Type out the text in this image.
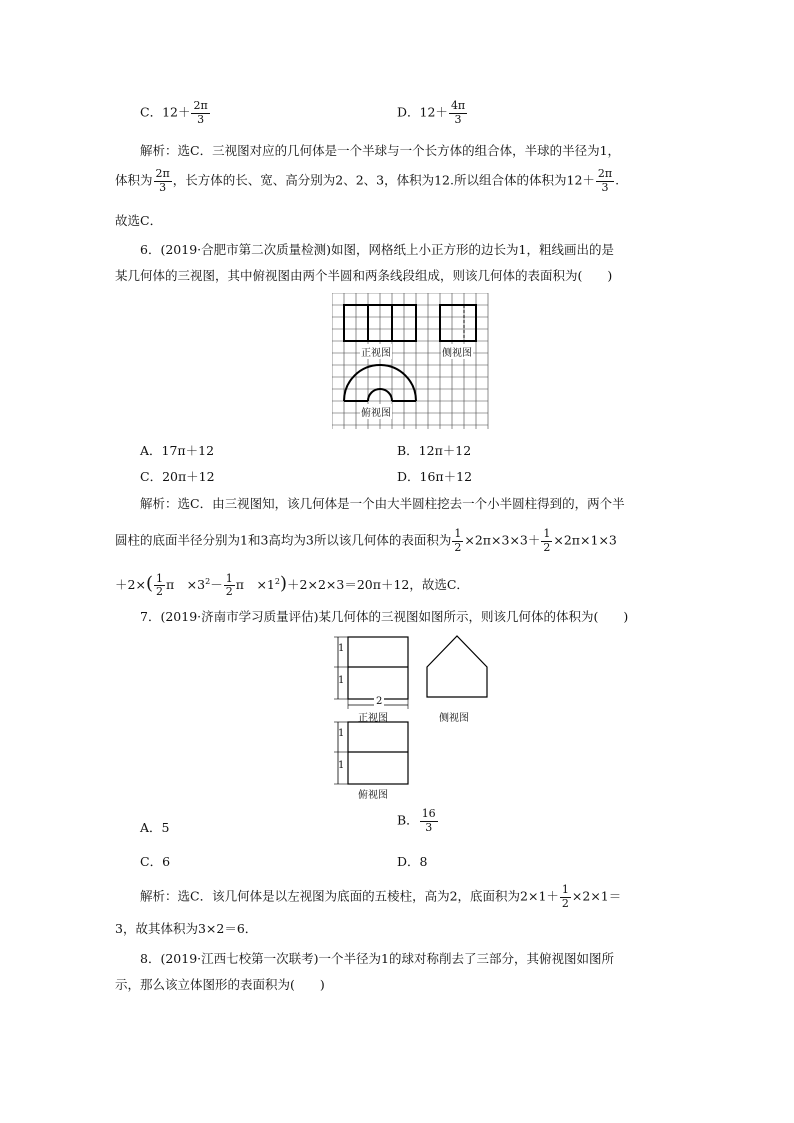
C．$12+ \frac{2\pi}{3}$	D．$12+ \frac{4\pi}{3}$
解析：选C．三视图对应的几何体是一个半球与一个长方体的组合体，半球的半径为1，
体积为 $\frac{2\pi}{3}$ ，长方体的长、宽、高分别为2、2、3，体积为12.所以组合体的体积为$12+ \frac{2\pi}{3}$ .
故选C．
6．(2019·合肥市第二次质量检测)如图，网格纸上小正方形的边长为1，粗线画出的是
某几何体的三视图，其中俯视图由两个半圆和两条线段组成，则该几何体的表面积为(　　)
正视图	侧视图
俯视图
A．17π＋12	B．12π＋12
C．20π＋12	D．16π＋12
解析：选C．由三视图知，该几何体是一个由大半圆柱挖去一个小半圆柱得到的，两个半
圆柱的底面半径分别为1和3高均为3所以该几何体的表面积为 $\frac{1}{2} \times 2\pi\times 3\times 3+ \frac{1}{2} \times 2\pi\times 1\times 3$
$+2\times( \frac{1}{2}$ π　$\times 3^2- \frac{1}{2}$ π　$\times 1^2)+2\times 2\times 3=20\pi+12$，故选C．
7．(2019·济南市学习质量评估)某几何体的三视图如图所示，则该几何体的体积为(　　)
1
1
2
正视图	侧视图
1
1
俯视图
A．5	B． $\frac{16}{3}$
C．6	D．8
解析：选C．该几何体是以左视图为底面的五棱柱，高为2，底面积为$2\times 1+ \frac{1}{2} \times 2\times 1=$
3，故其体积为3×2＝6．
8．(2019·江西七校第一次联考)一个半径为1的球对称削去了三部分，其俯视图如图所
示，那么该立体图形的表面积为(　　)
